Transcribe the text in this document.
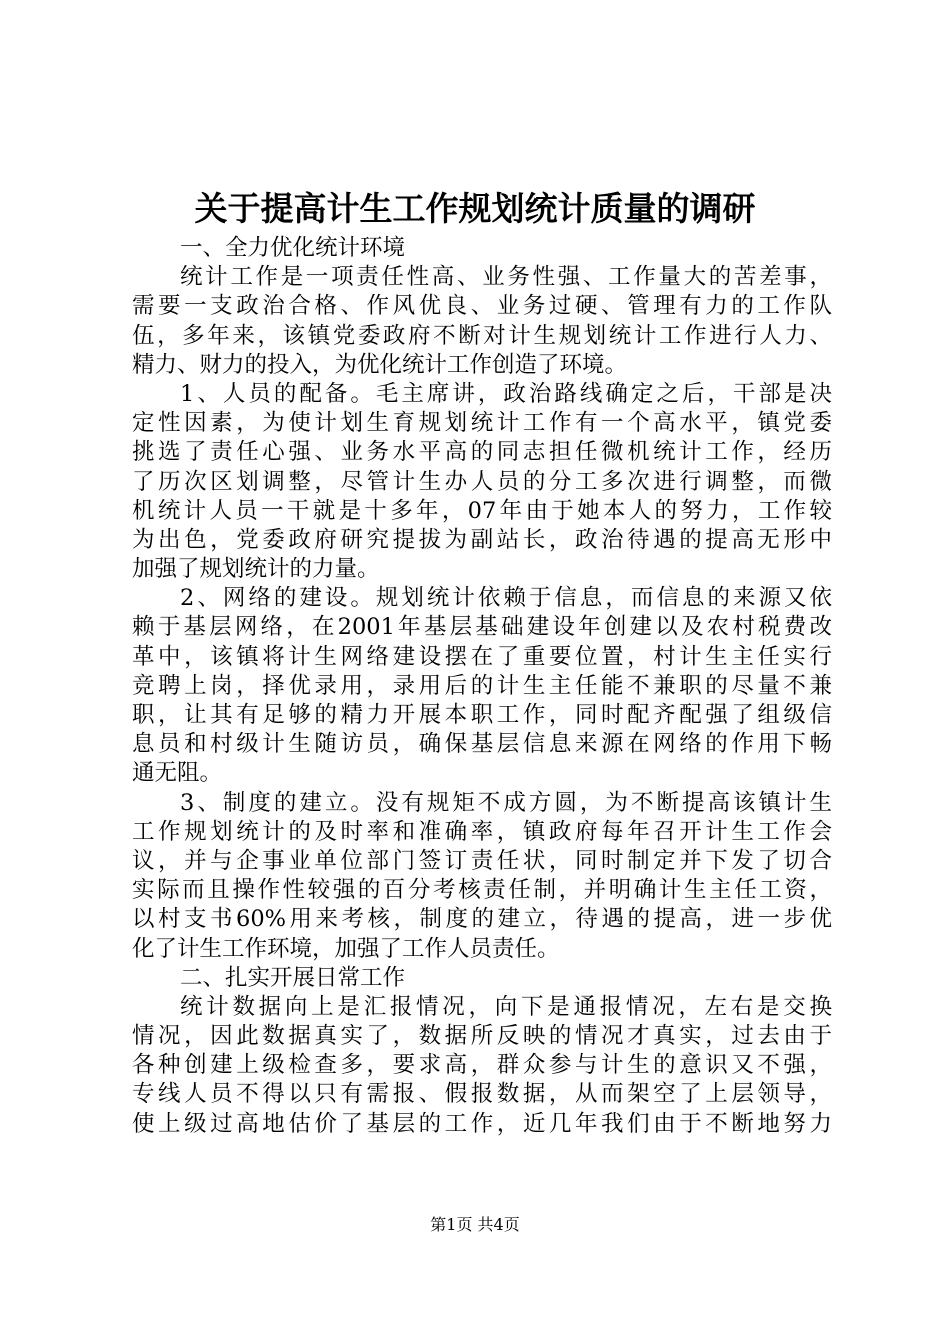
关于提高计生工作规划统计质量的调研
一、全力优化统计环境
统计工作是一项责任性高、业务性强、工作量大的苦差事，
需要一支政治合格、作风优良、业务过硬、管理有力的工作队
伍，多年来，该镇党委政府不断对计生规划统计工作进行人力、
精力、财力的投入，为优化统计工作创造了环境。
1、人员的配备。毛主席讲，政治路线确定之后，干部是决
定性因素，为使计划生育规划统计工作有一个高水平，镇党委
挑选了责任心强、业务水平高的同志担任微机统计工作，经历
了历次区划调整，尽管计生办人员的分工多次进行调整，而微
机统计人员一干就是十多年，07年由于她本人的努力，工作较
为出色，党委政府研究提拔为副站长，政治待遇的提高无形中
加强了规划统计的力量。
2、网络的建设。规划统计依赖于信息，而信息的来源又依
赖于基层网络，在2001年基层基础建设年创建以及农村税费改
革中，该镇将计生网络建设摆在了重要位置，村计生主任实行
竞聘上岗，择优录用，录用后的计生主任能不兼职的尽量不兼
职，让其有足够的精力开展本职工作，同时配齐配强了组级信
息员和村级计生随访员，确保基层信息来源在网络的作用下畅
通无阻。
3、制度的建立。没有规矩不成方圆，为不断提高该镇计生
工作规划统计的及时率和准确率，镇政府每年召开计生工作会
议，并与企事业单位部门签订责任状，同时制定并下发了切合
实际而且操作性较强的百分考核责任制，并明确计生主任工资，
以村支书60%用来考核，制度的建立，待遇的提高，进一步优
化了计生工作环境，加强了工作人员责任。
二、扎实开展日常工作
统计数据向上是汇报情况，向下是通报情况，左右是交换
情况，因此数据真实了，数据所反映的情况才真实，过去由于
各种创建上级检查多，要求高，群众参与计生的意识又不强，
专线人员不得以只有需报、假报数据，从而架空了上层领导，
使上级过高地估价了基层的工作，近几年我们由于不断地努力
第1页 共4页
